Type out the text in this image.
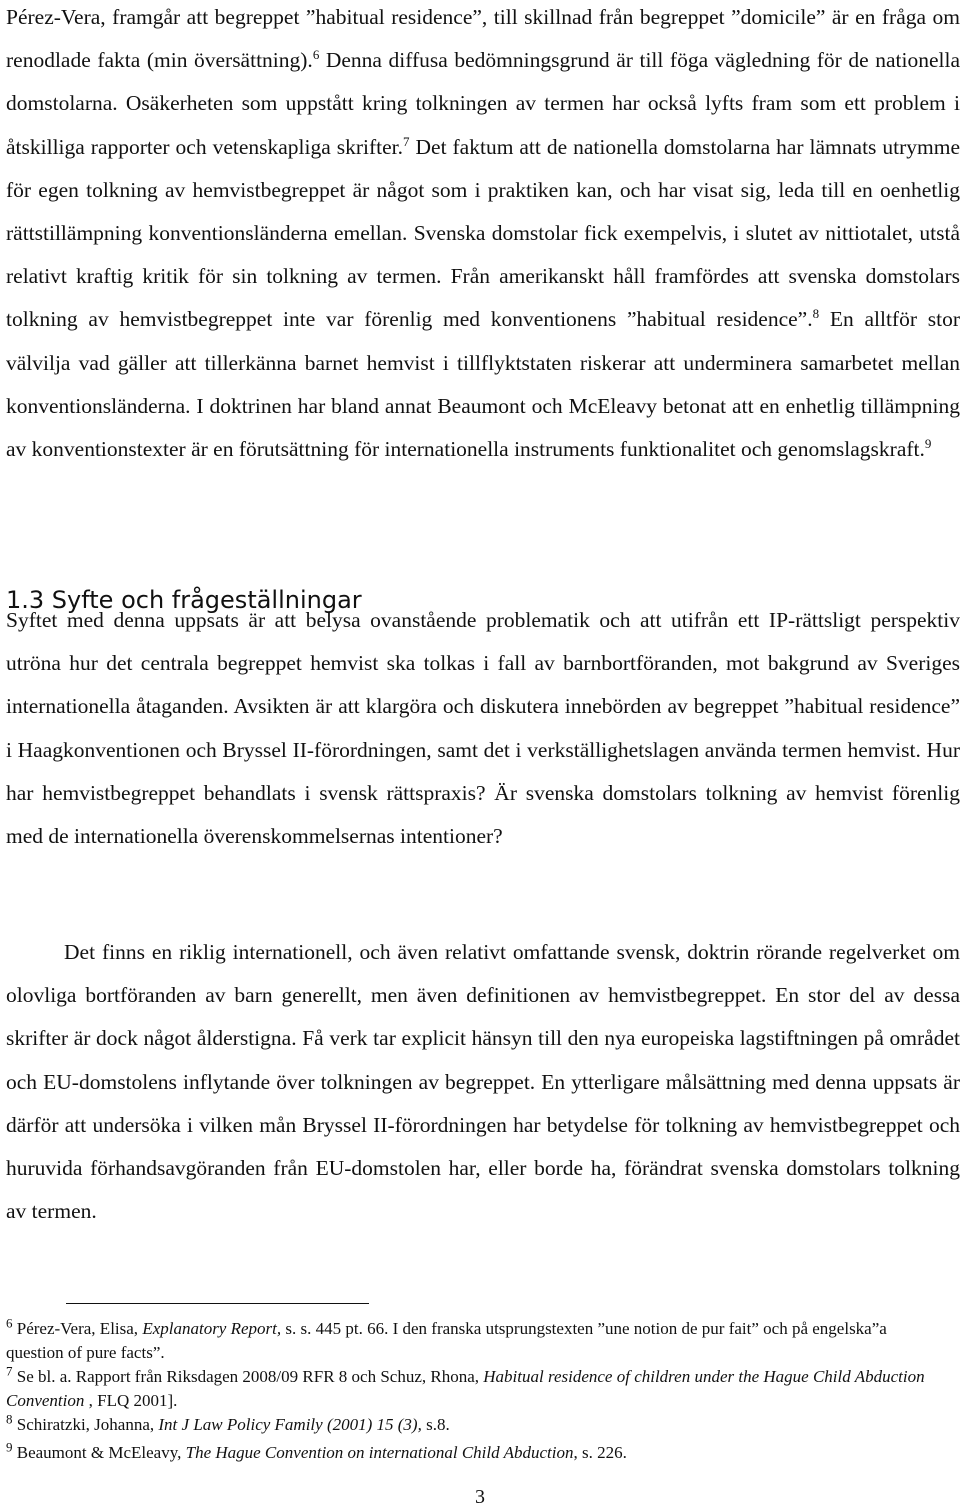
Pérez-Vera, framgår att begreppet ”habitual residence”, till skillnad från begreppet ”domicile” är en fråga om renodlade fakta (min översättning).$^6$ Denna diffusa bedömningsgrund är till föga vägledning för de nationella domstolarna. Osäkerheten som uppstått kring tolkningen av termen har också lyfts fram som ett problem i åtskilliga rapporter och vetenskapliga skrifter.$^7$ Det faktum att de nationella domstolarna har lämnats utrymme för egen tolkning av hemvistbegreppet är något som i praktiken kan, och har visat sig, leda till en oenhetlig rättstillämpning konventionsländerna emellan. Svenska domstolar fick exempelvis, i slutet av nittiotalet, utstå relativt kraftig kritik för sin tolkning av termen. Från amerikanskt håll framfördes att svenska domstolars tolkning av hemvistbegreppet inte var förenlig med konventionens ”habitual residence”.$^8$ En alltför stor välvilja vad gäller att tillerkänna barnet hemvist i tillflyktstaten riskerar att underminera samarbetet mellan konventionsländerna. I doktrinen har bland annat Beaumont och McEleavy betonat att en enhetlig tillämpning av konventionstexter är en förutsättning för internationella instruments funktionalitet och genomslagskraft.$^9$

1.3 Syfte och frågeställningar

Syftet med denna uppsats är att belysa ovanstående problematik och att utifrån ett IP-rättsligt perspektiv utröna hur det centrala begreppet hemvist ska tolkas i fall av barnbortföranden, mot bakgrund av Sveriges internationella åtaganden. Avsikten är att klargöra och diskutera innebörden av begreppet ”habitual residence” i Haagkonventionen och Bryssel II-förordningen, samt det i verkställighetslagen använda termen hemvist. Hur har hemvistbegreppet behandlats i svensk rättspraxis? Är svenska domstolars tolkning av hemvist förenlig med de internationella överenskommelsernas intentioner?

Det finns en riklig internationell, och även relativt omfattande svensk, doktrin rörande regelverket om olovliga bortföranden av barn generellt, men även definitionen av hemvistbegreppet. En stor del av dessa skrifter är dock något ålderstigna. Få verk tar explicit hänsyn till den nya europeiska lagstiftningen på området och EU-domstolens inflytande över tolkningen av begreppet. En ytterligare målsättning med denna uppsats är därför att undersöka i vilken mån Bryssel II-förordningen har betydelse för tolkning av hemvistbegreppet och huruvida förhandsavgöranden från EU-domstolen har, eller borde ha, förändrat svenska domstolars tolkning av termen.

$^6$ Pérez-Vera, Elisa, Explanatory Report, s. s. 445 pt. 66. I den franska utsprungstexten ”une notion de pur fait” och på engelska”a question of pure facts”.

$^7$ Se bl. a. Rapport från Riksdagen 2008/09 RFR 8 och Schuz, Rhona, Habitual residence of children under the Hague Child Abduction Convention , FLQ 2001].

$^8$ Schiratzki, Johanna, Int J Law Policy Family (2001) 15 (3), s.8.

$^9$ Beaumont & McEleavy, The Hague Convention on international Child Abduction, s. 226.

3
